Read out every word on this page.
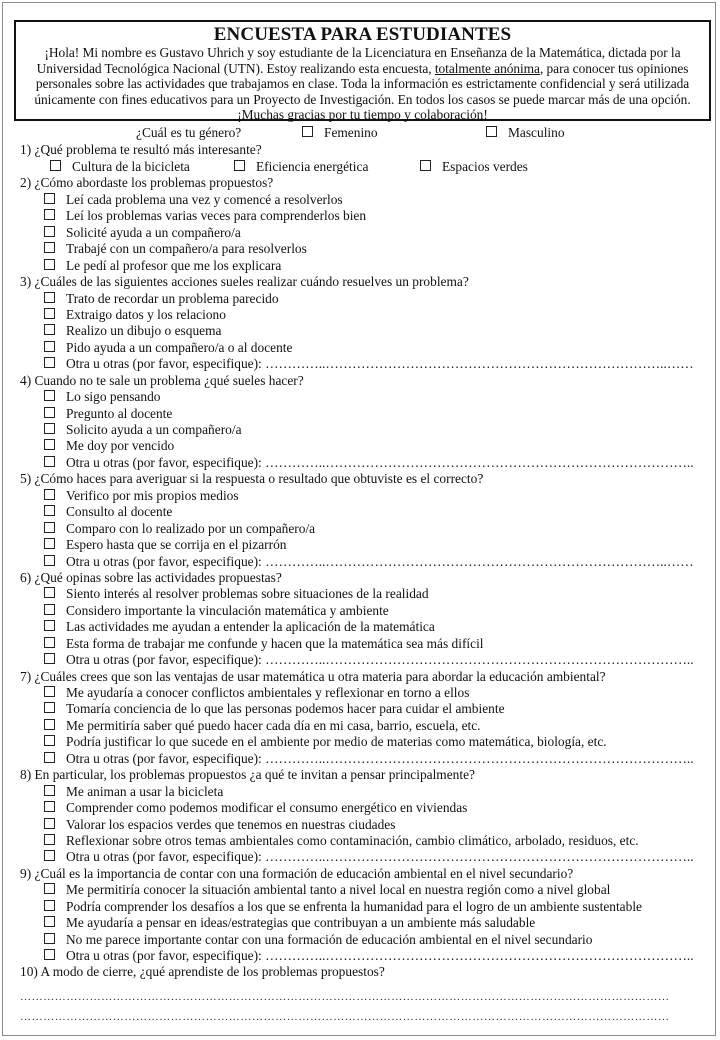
ENCUESTA PARA ESTUDIANTES
¡Hola! Mi nombre es Gustavo Uhrich y soy estudiante de la Licenciatura en Enseñanza de la Matemática, dictada por la Universidad Tecnológica Nacional (UTN). Estoy realizando esta encuesta, totalmente anónima, para conocer tus opiniones personales sobre las actividades que trabajamos en clase. Toda la información es estrictamente confidencial y será utilizada únicamente con fines educativos para un Proyecto de Investigación. En todos los casos se puede marcar más de una opción.
¡Muchas gracias por tu tiempo y colaboración!
¿Cuál es tu género?	Femenino	Masculino
1) ¿Qué problema te resultó más interesante?
Cultura de la bicicleta	Eficiencia energética	Espacios verdes
2) ¿Cómo abordaste los problemas propuestos?
Leí cada problema una vez y comencé a resolverlos
Leí los problemas varias veces para comprenderlos bien
Solicité ayuda a un compañero/a
Trabajé con un compañero/a para resolverlos
Le pedí al profesor que me los explicara
3) ¿Cuáles de las siguientes acciones sueles realizar cuándo resuelves un problema?
Trato de recordar un problema parecido
Extraigo datos y los relaciono
Realizo un dibujo o esquema
Pido ayuda a un compañero/a o al docente
Otra u otras (por favor, especifique): …………..…………………………………………………………………..……
4) Cuando no te sale un problema ¿qué sueles hacer?
Lo sigo pensando
Pregunto al docente
Solicito ayuda a un compañero/a
Me doy por vencido
Otra u otras (por favor, especifique): …………..………………………………………………………………………..
5) ¿Cómo haces para averiguar si la respuesta o resultado que obtuviste es el correcto?
Verifico por mis propios medios
Consulto al docente
Comparo con lo realizado por un compañero/a
Espero hasta que se corrija en el pizarrón
Otra u otras (por favor, especifique): …………..…………………………………………………………………..……
6) ¿Qué opinas sobre las actividades propuestas?
Siento interés al resolver problemas sobre situaciones de la realidad
Considero importante la vinculación matemática y ambiente
Las actividades me ayudan a entender la aplicación de la matemática
Esta forma de trabajar me confunde y hacen que la matemática sea más difícil
Otra u otras (por favor, especifique): …………..………………………………………………………………………..
7) ¿Cuáles crees que son las ventajas de usar matemática u otra materia para abordar la educación ambiental?
Me ayudaría a conocer conflictos ambientales y reflexionar en torno a ellos
Tomaría conciencia de lo que las personas podemos hacer para cuidar el ambiente
Me permitiría saber qué puedo hacer cada día en mi casa, barrio, escuela, etc.
Podría justificar lo que sucede en el ambiente por medio de materias como matemática, biología, etc.
Otra u otras (por favor, especifique): …………..………………………………………………………………………..
8) En particular, los problemas propuestos ¿a qué te invitan a pensar principalmente?
Me animan a usar la bicicleta
Comprender como podemos modificar el consumo energético en viviendas
Valorar los espacios verdes que tenemos en nuestras ciudades
Reflexionar sobre otros temas ambientales como contaminación, cambio climático, arbolado, residuos, etc.
Otra u otras (por favor, especifique): …………..………………………………………………………………………..
9) ¿Cuál es la importancia de contar con una formación de educación ambiental en el nivel secundario?
Me permitiría conocer la situación ambiental tanto a nivel local en nuestra región como a nivel global
Podría comprender los desafíos a los que se enfrenta la humanidad para el logro de un ambiente sustentable
Me ayudaría a pensar en ideas/estrategias que contribuyan a un ambiente más saludable
No me parece importante contar con una formación de educación ambiental en el nivel secundario
Otra u otras (por favor, especifique): …………..………………………………………………………………………..
10) A modo de cierre, ¿qué aprendiste de los problemas propuestos?
……………………………………………………………………………………………………………………………………………………
……………………………………………………………………………………………………………………………………………………
